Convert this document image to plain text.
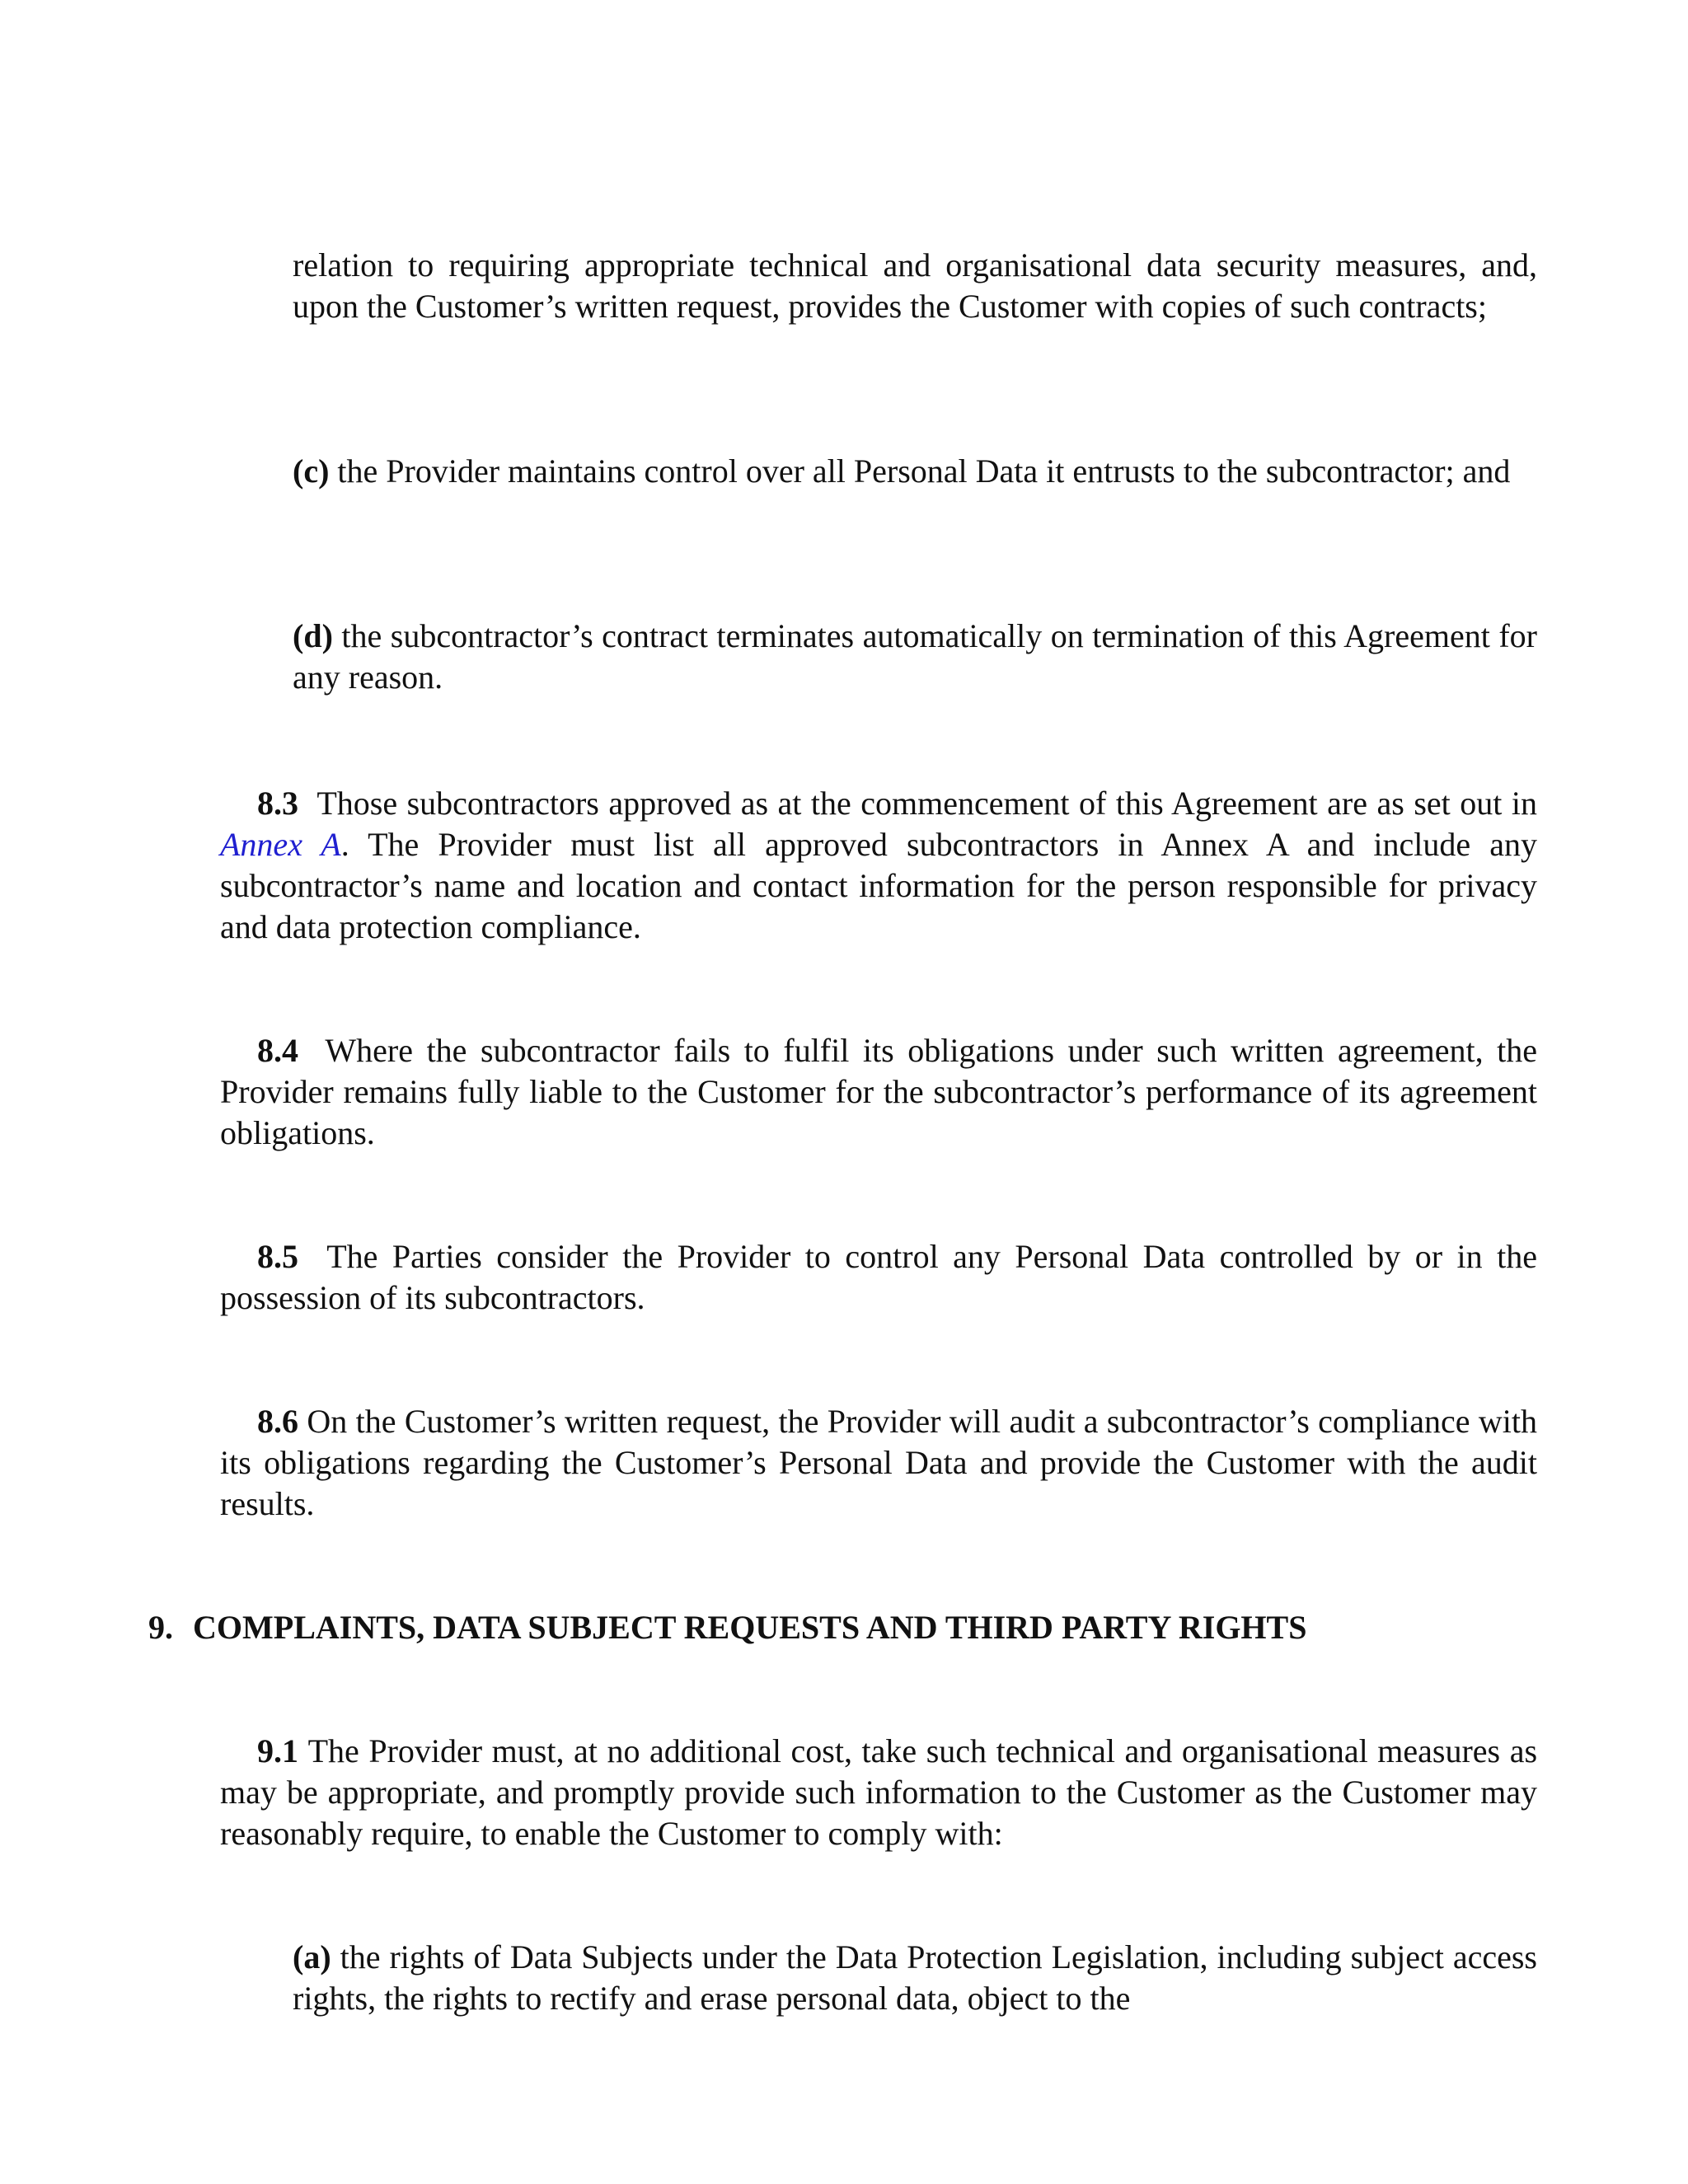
relation to requiring appropriate technical and organisational data security measures, and, upon the Customer’s written request, provides the Customer with copies of such contracts;

(c) the Provider maintains control over all Personal Data it entrusts to the subcontractor; and

(d) the subcontractor’s contract terminates automatically on termination of this Agreement for any reason.

8.3 Those subcontractors approved as at the commencement of this Agreement are as set out in Annex A. The Provider must list all approved subcontractors in Annex A and include any subcontractor’s name and location and contact information for the person responsible for privacy and data protection compliance.

8.4 Where the subcontractor fails to fulfil its obligations under such written agreement, the Provider remains fully liable to the Customer for the subcontractor’s performance of its agreement obligations.

8.5 The Parties consider the Provider to control any Personal Data controlled by or in the possession of its subcontractors.

8.6 On the Customer’s written request, the Provider will audit a subcontractor’s compliance with its obligations regarding the Customer’s Personal Data and provide the Customer with the audit results.

9. COMPLAINTS, DATA SUBJECT REQUESTS AND THIRD PARTY RIGHTS

9.1 The Provider must, at no additional cost, take such technical and organisational measures as may be appropriate, and promptly provide such information to the Customer as the Customer may reasonably require, to enable the Customer to comply with:

(a) the rights of Data Subjects under the Data Protection Legislation, including subject access rights, the rights to rectify and erase personal data, object to the
